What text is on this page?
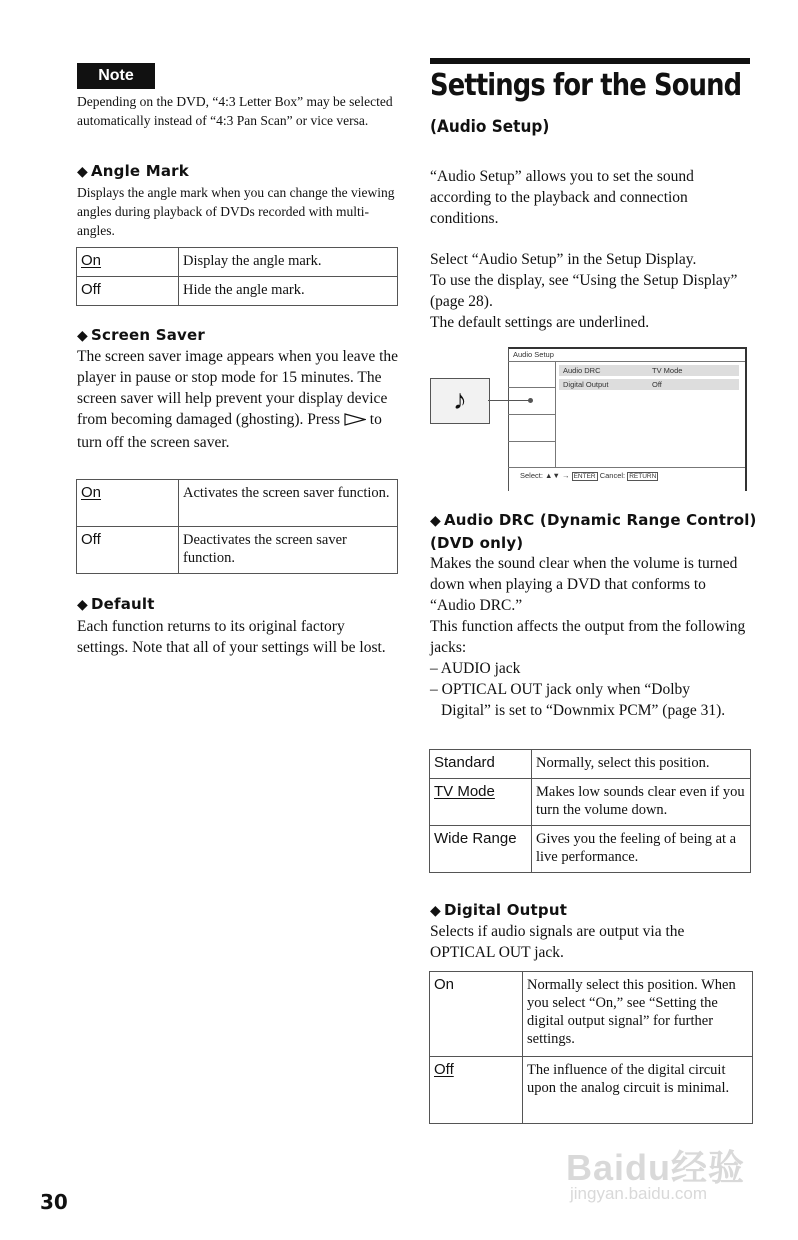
Note
Depending on the DVD, “4:3 Letter Box” may be selected automatically instead of “4:3 Pan Scan” or vice versa.
◆ Angle Mark
Displays the angle mark when you can change the viewing angles during playback of DVDs recorded with multi-angles.
On	Display the angle mark.
Off	Hide the angle mark.
◆ Screen Saver
The screen saver image appears when you leave the player in pause or stop mode for 15 minutes. The screen saver will help prevent your display device from becoming damaged (ghosting). Press to turn off the screen saver.
On	Activates the screen saver function.
Off	Deactivates the screen saver function.
◆ Default
Each function returns to its original factory settings. Note that all of your settings will be lost.
Settings for the Sound
(Audio Setup)
“Audio Setup” allows you to set the sound according to the playback and connection conditions.
Select “Audio Setup” in the Setup Display.
To use the display, see “Using the Setup Display” (page 28).
The default settings are underlined.
Audio Setup
Audio DRC	TV Mode
Digital Output	Off
♪
Select: ▲▼ → ENTER Cancel: RETURN
◆ Audio DRC (Dynamic Range Control)
(DVD only)
Makes the sound clear when the volume is turned down when playing a DVD that conforms to “Audio DRC.”
This function affects the output from the following jacks:
– AUDIO jack
– OPTICAL OUT jack only when “Dolby
Digital” is set to “Downmix PCM” (page 31).
Standard	Normally, select this position.
TV Mode	Makes low sounds clear even if you turn the volume down.
Wide Range	Gives you the feeling of being at a live performance.
◆ Digital Output
Selects if audio signals are output via the OPTICAL OUT jack.
On	Normally select this position. When you select “On,” see “Setting the digital output signal” for further settings.
Off	The influence of the digital circuit upon the analog circuit is minimal.
30
Baidu经验
jingyan.baidu.com
